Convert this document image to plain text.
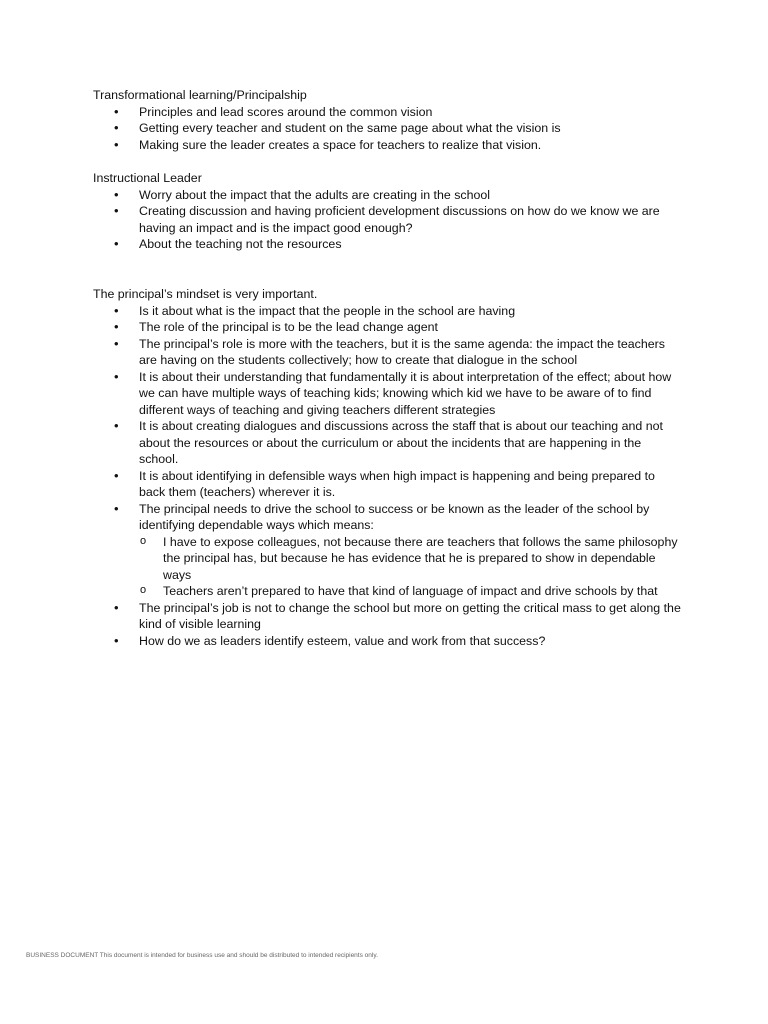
Transformational learning/Principalship

• Principles and lead scores around the common vision
• Getting every teacher and student on the same page about what the vision is
• Making sure the leader creates a space for teachers to realize that vision.

Instructional Leader

• Worry about the impact that the adults are creating in the school
• Creating discussion and having proficient development discussions on how do we know we are having an impact and is the impact good enough?
• About the teaching not the resources

The principal’s mindset is very important.

• Is it about what is the impact that the people in the school are having
• The role of the principal is to be the lead change agent
• The principal’s role is more with the teachers, but it is the same agenda: the impact the teachers are having on the students collectively; how to create that dialogue in the school
• It is about their understanding that fundamentally it is about interpretation of the effect; about how we can have multiple ways of teaching kids; knowing which kid we have to be aware of to find different ways of teaching and giving teachers different strategies
• It is about creating dialogues and discussions across the staff that is about our teaching and not about the resources or about the curriculum or about the incidents that are happening in the school.
• It is about identifying in defensible ways when high impact is happening and being prepared to back them (teachers) wherever it is.
• The principal needs to drive the school to success or be known as the leader of the school by identifying dependable ways which means:
o I have to expose colleagues, not because there are teachers that follows the same philosophy the principal has, but because he has evidence that he is prepared to show in dependable ways
o Teachers aren’t prepared to have that kind of language of impact and drive schools by that
• The principal’s job is not to change the school but more on getting the critical mass to get along the kind of visible learning
• How do we as leaders identify esteem, value and work from that success?
BUSINESS DOCUMENT This document is intended for business use and should be distributed to intended recipients only.
